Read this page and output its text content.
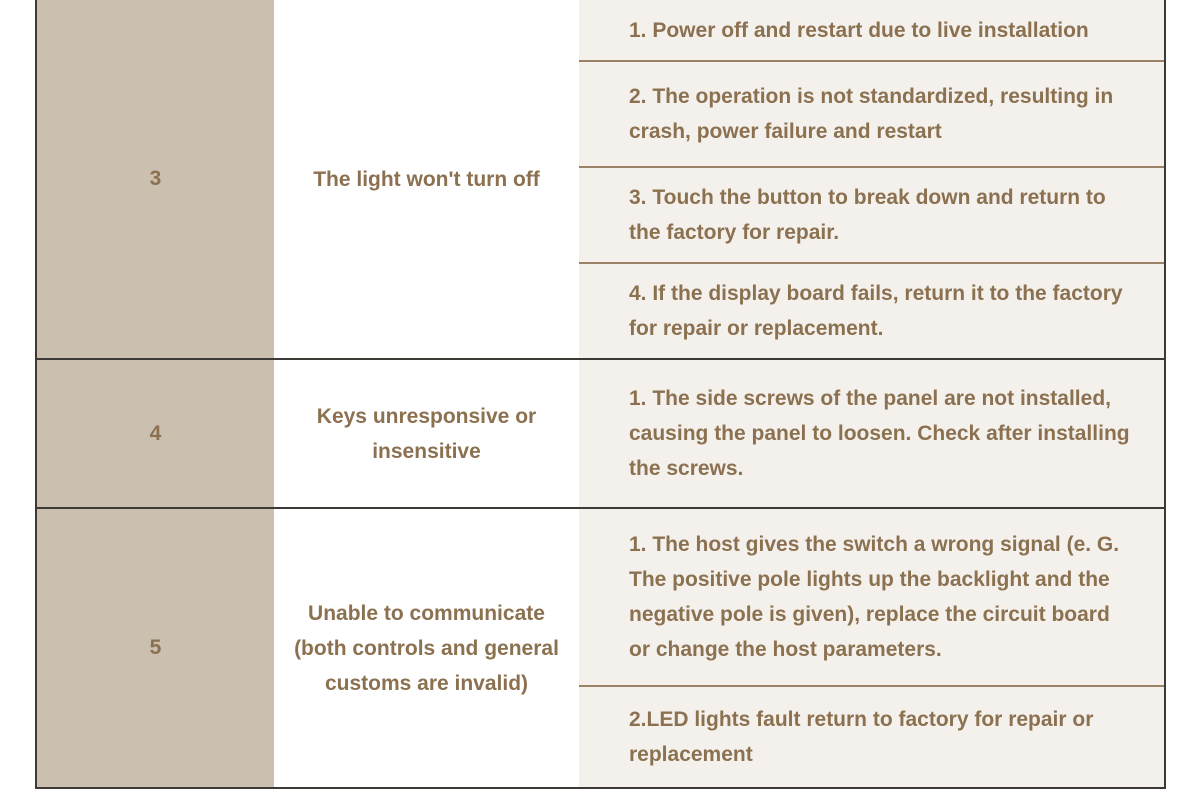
3	The light won't turn off
1. Power off and restart due to live installation
2. The operation is not standardized, resulting in crash, power failure and restart
3. Touch the button to break down and return to the factory for repair.
4. If the display board fails, return it to the factory for repair or replacement.
4
Keys unresponsive or insensitive
1. The side screws of the panel are not installed, causing the panel to loosen. Check after installing the screws.
5
Unable to communicate (both controls and general customs are invalid)
1. The host gives the switch a wrong signal (e. G. The positive pole lights up the backlight and the negative pole is given), replace the circuit board or change the host parameters.
2.LED lights fault return to factory for repair or replacement
